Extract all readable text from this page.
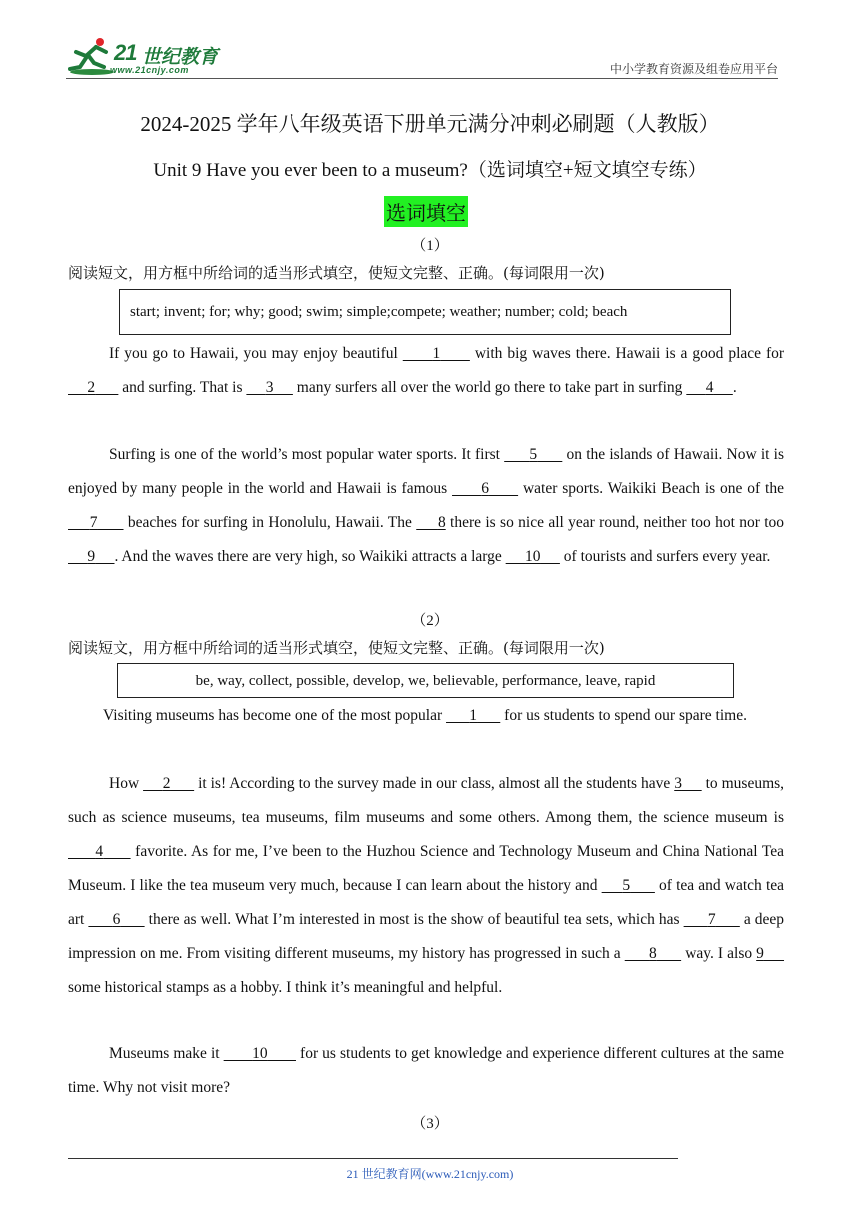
21 世纪教育
www.21cnjy.com	中小学教育资源及组卷应用平台
2024-2025 学年八年级英语下册单元满分冲刺必刷题（人教版）
Unit 9 Have you ever been to a museum?（选词填空+短文填空专练）
选词填空
（1）
阅读短文，用方框中所给词的适当形式填空，使短文完整、正确。(每词限用一次)
start; invent; for; why; good; swim; simple;compete; weather; number; cold; beach
If you go to Hawaii, you may enjoy beautiful       1 with big waves there. Hawaii is a good place for      2 and surfing. That is      3 many surfers all over the world go there to take part in surfing      4 .
Surfing is one of the world’s most popular water sports. It first       5 on the islands of Hawaii. Now it is enjoyed by many people in the world and Hawaii is famous       6 water sports. Waikiki Beach is one of the      7 beaches for surfing in Honolulu, Hawaii. The      8 there is so nice all year round, neither too hot nor too      9 . And the waves there are very high, so Waikiki attracts a large      10 of tourists and surfers every year.
（2）
阅读短文，用方框中所给词的适当形式填空，使短文完整、正确。(每词限用一次)
be, way, collect, possible, develop, we, believable, performance, leave, rapid
Visiting museums has become one of the most popular       1 for us students to spend our spare time.
How      2 it is! According to the survey made in our class, almost all the students have 3 to museums, such as science museums, tea museums, film museums and some others. Among them, the science museum is       4 favorite. As for me, I’ve been to the Huzhou Science and Technology Museum and China National Tea Museum. I like the tea museum very much, because I can learn about the history and      5 of tea and watch tea art       6 there as well. What I’m interested in most is the show of beautiful tea sets, which has       7 a deep impression on me. From visiting different museums, my history has progressed in such a       8 way. I also 9      some historical stamps as a hobby. I think it’s meaningful and helpful.
Museums make it        10 for us students to get knowledge and experience different cultures at the same time. Why not visit more?
（3）
21 世纪教育网(www.21cnjy.com)
